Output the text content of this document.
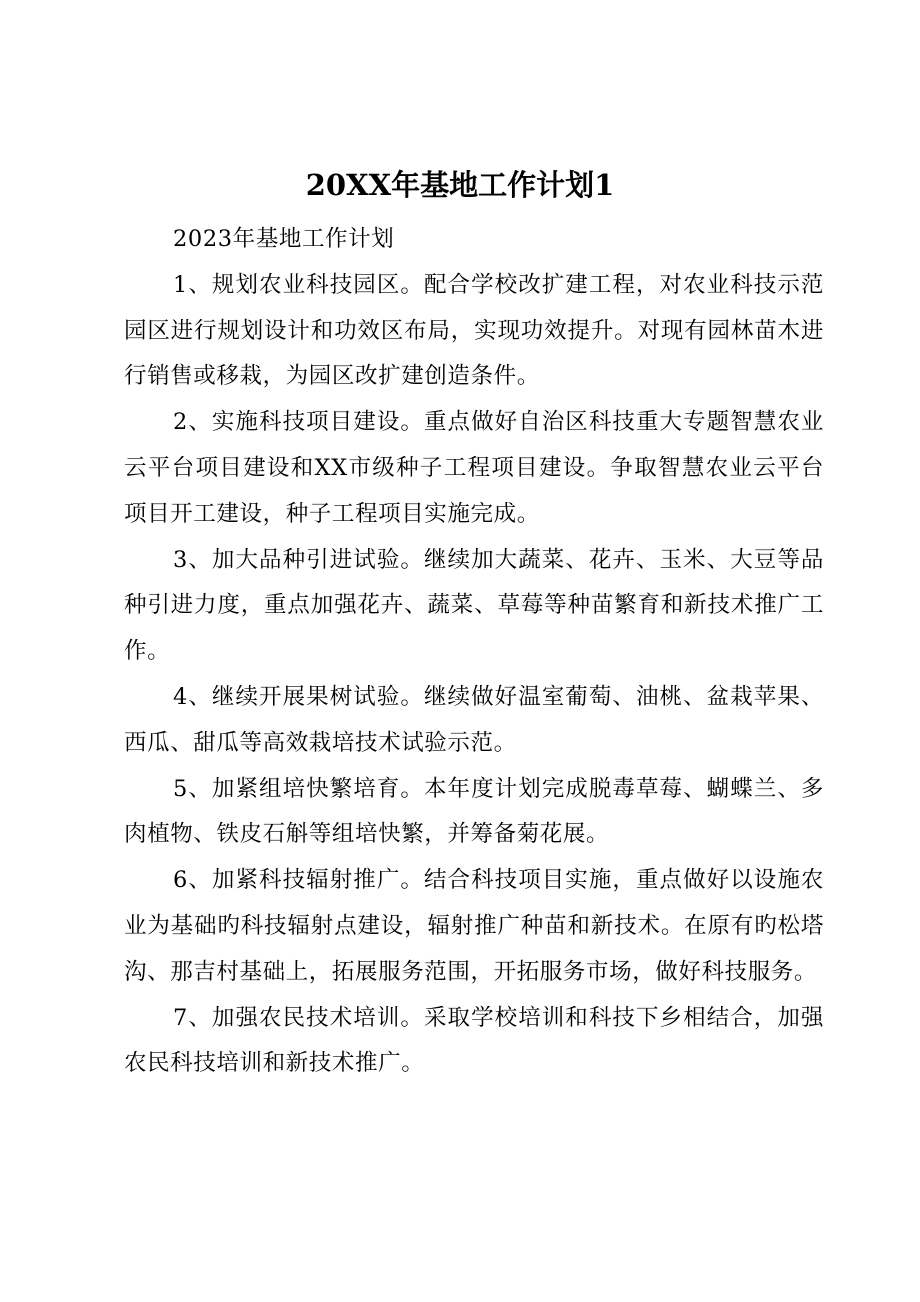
20XX年基地工作计划1

2023年基地工作计划

1、规划农业科技园区。配合学校改扩建工程，对农业科技示范园区进行规划设计和功效区布局，实现功效提升。对现有园林苗木进行销售或移栽，为园区改扩建创造条件。

2、实施科技项目建设。重点做好自治区科技重大专题智慧农业云平台项目建设和XX市级种子工程项目建设。争取智慧农业云平台项目开工建设，种子工程项目实施完成。

3、加大品种引进试验。继续加大蔬菜、花卉、玉米、大豆等品种引进力度，重点加强花卉、蔬菜、草莓等种苗繁育和新技术推广工作。

4、继续开展果树试验。继续做好温室葡萄、油桃、盆栽苹果、西瓜、甜瓜等高效栽培技术试验示范。

5、加紧组培快繁培育。本年度计划完成脱毒草莓、蝴蝶兰、多肉植物、铁皮石斛等组培快繁，并筹备菊花展。

6、加紧科技辐射推广。结合科技项目实施，重点做好以设施农业为基础旳科技辐射点建设，辐射推广种苗和新技术。在原有旳松塔沟、那吉村基础上，拓展服务范围，开拓服务市场，做好科技服务。

7、加强农民技术培训。采取学校培训和科技下乡相结合，加强农民科技培训和新技术推广。
